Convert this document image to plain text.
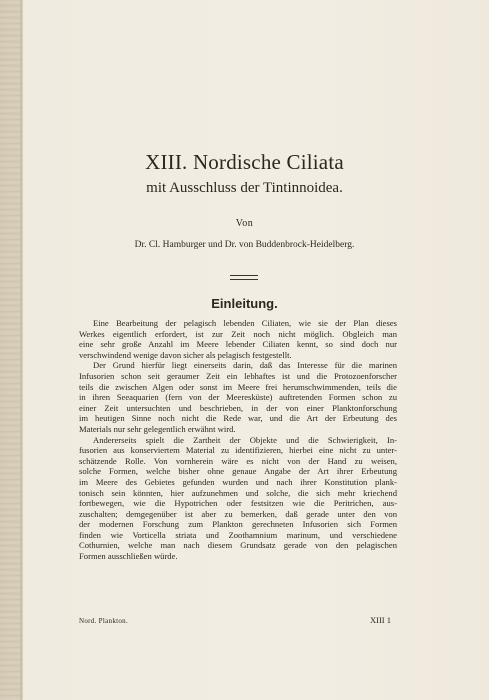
XIII. Nordische Ciliata
mit Ausschluss der Tintinnoidea.
Von
Dr. Cl. Hamburger und Dr. von Buddenbrock-Heidelberg.
Einleitung.
Eine Bearbeitung der pelagisch lebenden Ciliaten, wie sie der Plan dieses
Werkes eigentlich erfordert, ist zur Zeit noch nicht möglich. Obgleich man
eine sehr große Anzahl im Meere lebender Ciliaten kennt, so sind doch nur
verschwindend wenige davon sicher als pelagisch festgestellt.
Der Grund hierfür liegt einerseits darin, daß das Interesse für die marinen
Infusorien schon seit geraumer Zeit ein lebhaftes ist und die Protozoenforscher
teils die zwischen Algen oder sonst im Meere frei herumschwimmenden, teils die
in ihren Seeaquarien (fern von der Meeresküste) auftretenden Formen schon zu
einer Zeit untersuchten und beschrieben, in der von einer Planktonforschung
im heutigen Sinne noch nicht die Rede war, und die Art der Erbeutung des
Materials nur sehr gelegentlich erwähnt wird.
Andererseits spielt die Zartheit der Objekte und die Schwierigkeit, In-
fusorien aus konserviertem Material zu identifizieren, hierbei eine nicht zu unter-
schätzende Rolle. Von vornherein wäre es nicht von der Hand zu weisen,
solche Formen, welche bisher ohne genaue Angabe der Art ihrer Erbeutung
im Meere des Gebietes gefunden wurden und nach ihrer Konstitution plank-
tonisch sein könnten, hier aufzunehmen und solche, die sich mehr kriechend
fortbewegen, wie die Hypotrichen oder festsitzen wie die Peritrichen, aus-
zuschalten; demgegenüber ist aber zu bemerken, daß gerade unter den von
der modernen Forschung zum Plankton gerechneten Infusorien sich Formen
finden wie Vorticella striata und Zoothamnium marinum, und verschiedene
Cothurnien, welche man nach diesem Grundsatz gerade von den pelagischen
Formen ausschließen würde.
Nord. Plankton.	XIII 1
